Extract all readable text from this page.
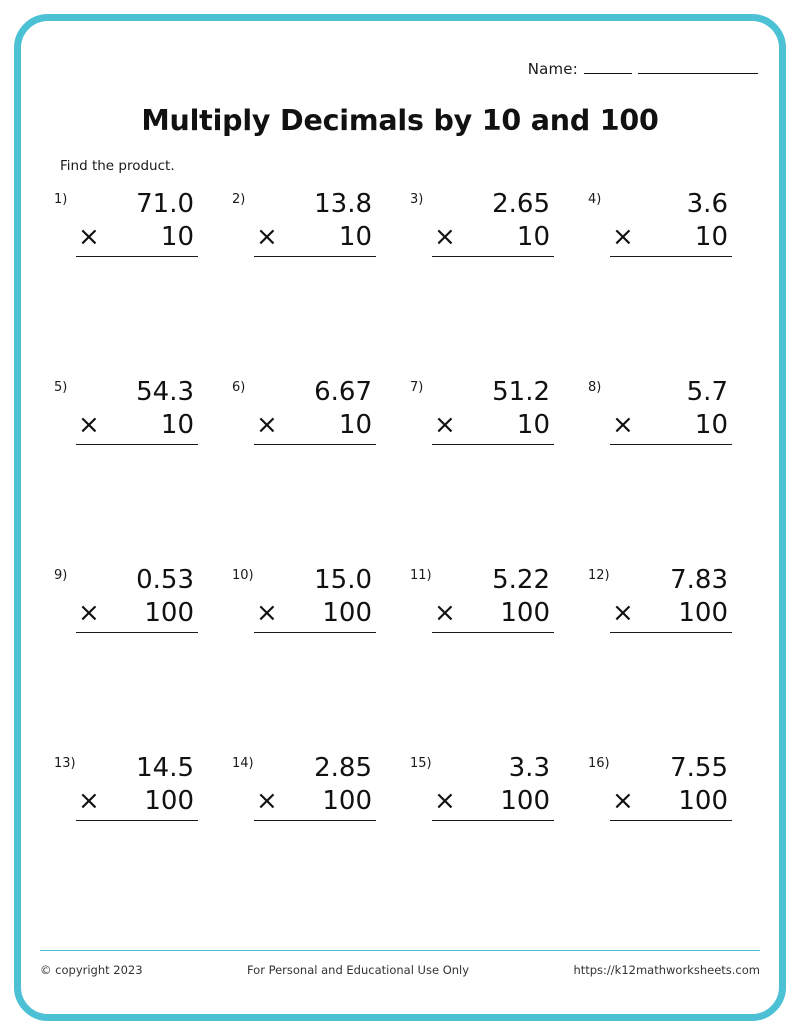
Name:
Multiply Decimals by 10 and 100
Find the product.
1)	71.0
× 10
2)	13.8
× 10
3)	2.65
× 10
4)	3.6
× 10
5)	54.3
× 10
6)	6.67
× 10
7)	51.2
× 10
8)	5.7
× 10
9)	0.53
× 100
10)	15.0
× 100
11)	5.22
× 100
12)	7.83
× 100
13)	14.5
× 100
14)	2.85
× 100
15)	3.3
× 100
16)	7.55
× 100
© copyright 2023	For Personal and Educational Use Only	https://k12mathworksheets.com
